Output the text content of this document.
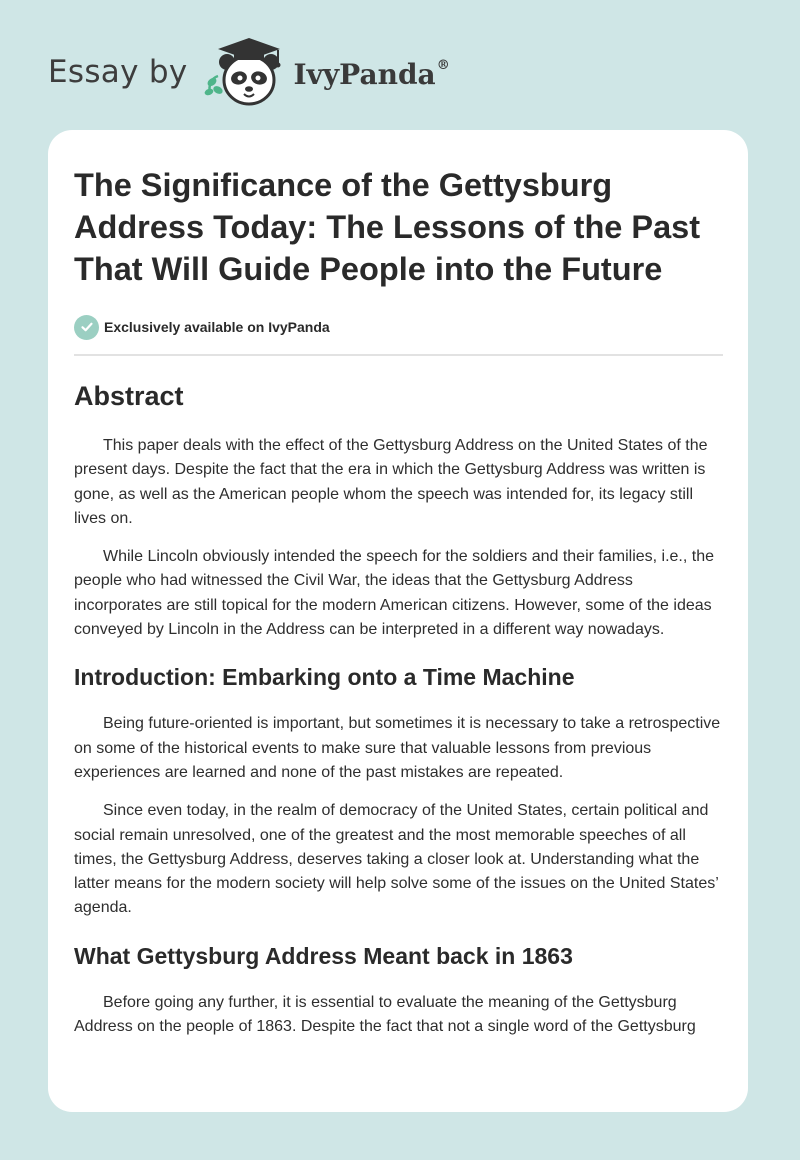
Essay by	IvyPanda®
The Significance of the Gettysburg Address Today: The Lessons of the Past That Will Guide People into the Future
Exclusively available on IvyPanda
Abstract

This paper deals with the effect of the Gettysburg Address on the United States of the present days. Despite the fact that the era in which the Gettysburg Address was written is gone, as well as the American people whom the speech was intended for, its legacy still lives on.

While Lincoln obviously intended the speech for the soldiers and their families, i.e., the people who had witnessed the Civil War, the ideas that the Gettysburg Address incorporates are still topical for the modern American citizens. However, some of the ideas conveyed by Lincoln in the Address can be interpreted in a different way nowadays.

Introduction: Embarking onto a Time Machine

Being future-oriented is important, but sometimes it is necessary to take a retrospective on some of the historical events to make sure that valuable lessons from previous experiences are learned and none of the past mistakes are repeated.

Since even today, in the realm of democracy of the United States, certain political and social remain unresolved, one of the greatest and the most memorable speeches of all times, the Gettysburg Address, deserves taking a closer look at. Understanding what the latter means for the modern society will help solve some of the issues on the United States’ agenda.

What Gettysburg Address Meant back in 1863

Before going any further, it is essential to evaluate the meaning of the Gettysburg Address on the people of 1863. Despite the fact that not a single word of the Gettysburg
